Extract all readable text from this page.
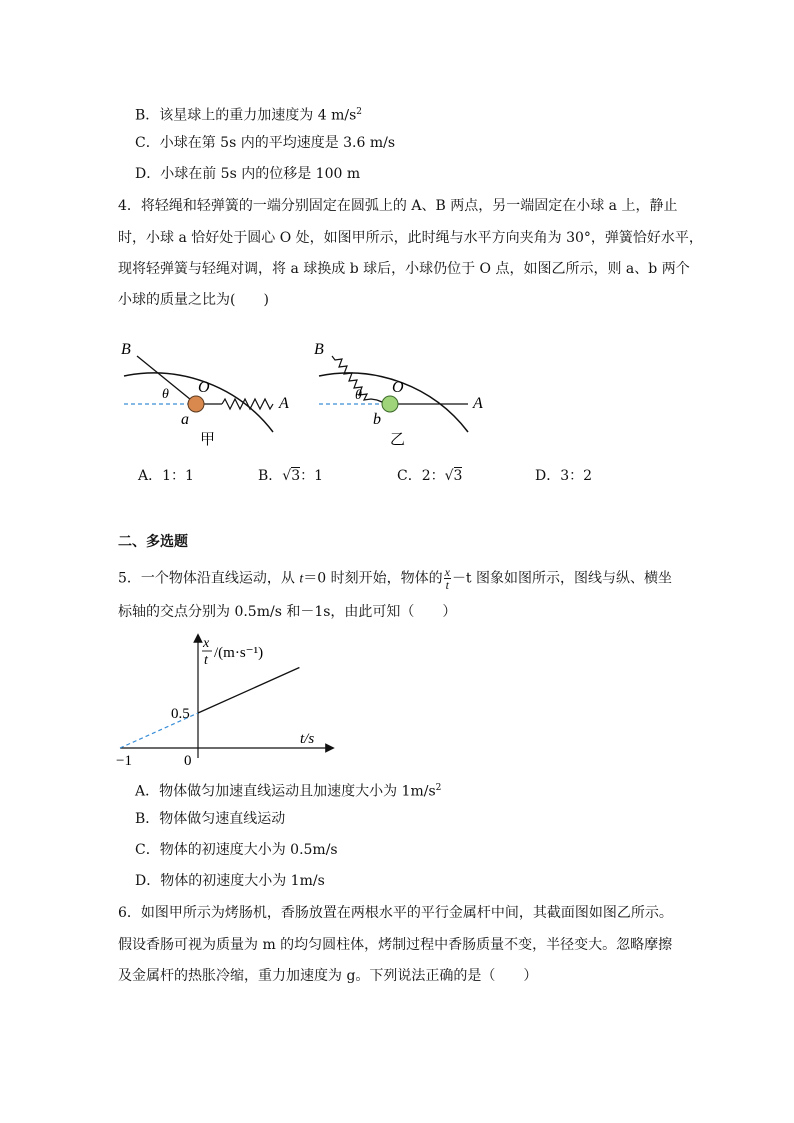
B．该星球上的重力加速度为 4 $m/s^2$
C．小球在第 5s 内的平均速度是 3.6 m/s
D．小球在前 5s 内的位移是 100 m
4．将轻绳和轻弹簧的一端分别固定在圆弧上的 A、B 两点，另一端固定在小球 a 上，静止
时，小球 a 恰好处于圆心 O 处，如图甲所示，此时绳与水平方向夹角为 30°，弹簧恰好水平，
现将轻弹簧与轻绳对调，将 a 球换成 b 球后，小球仍位于 O 点，如图乙所示，则 a、b 两个
小球的质量之比为(　　)
B
θ O
A
a
甲
B
θ O
A
b
乙
A．1：1	B．√3：1	C．2：√3	D．3：2
二、多选题
5．一个物体沿直线运动，从 t＝0 时刻开始，物体的 $\frac{x}{t} -t$ 图象如图所示，图线与纵、横坐
标轴的交点分别为 0.5m/s 和－1s，由此可知（　　）
x
t /(m·s⁻¹)
t/s
0.5
0
−1
A．物体做匀加速直线运动且加速度大小为 $1m/s^2$
B．物体做匀速直线运动
C．物体的初速度大小为 0.5m/s
D．物体的初速度大小为 1m/s
6．如图甲所示为烤肠机，香肠放置在两根水平的平行金属杆中间，其截面图如图乙所示。
假设香肠可视为质量为 m 的均匀圆柱体，烤制过程中香肠质量不变，半径变大。忽略摩擦
及金属杆的热胀冷缩，重力加速度为 g。下列说法正确的是（　　）
